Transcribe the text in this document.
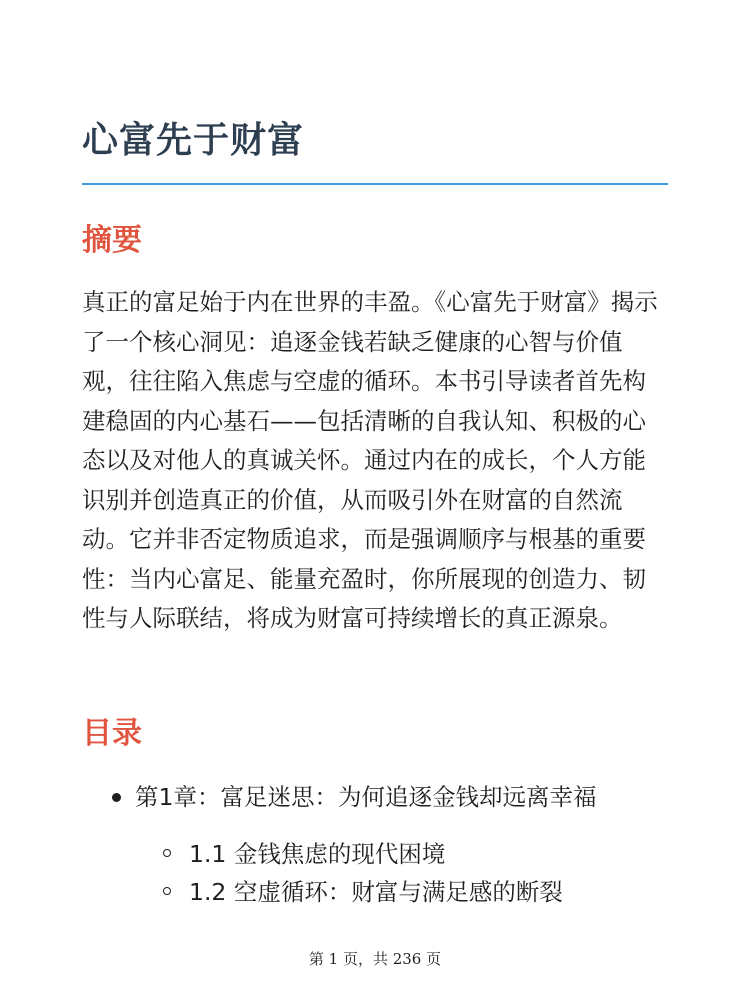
心富先于财富
摘要

真正的富足始于内在世界的丰盈。《心富先于财富》揭示了一个核心洞见：追逐金钱若缺乏健康的心智与价值观，往往陷入焦虑与空虚的循环。本书引导读者首先构建稳固的内心基石——包括清晰的自我认知、积极的心态以及对他人的真诚关怀。通过内在的成长，个人方能识别并创造真正的价值，从而吸引外在财富的自然流动。它并非否定物质追求，而是强调顺序与根基的重要性：当内心富足、能量充盈时，你所展现的创造力、韧性与人际联结，将成为财富可持续增长的真正源泉。

目录
第1章：富足迷思：为何追逐金钱却远离幸福
1.1 金钱焦虑的现代困境
1.2 空虚循环：财富与满足感的断裂
第 1 页，共 236 页
